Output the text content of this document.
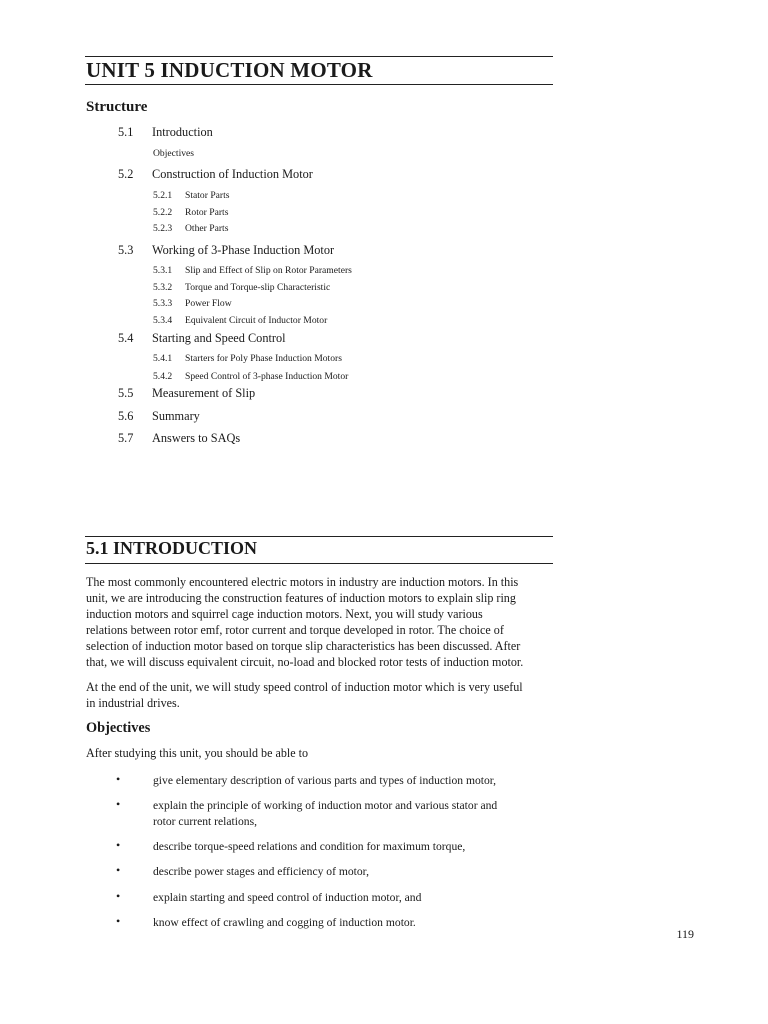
UNIT 5 INDUCTION MOTOR
Structure
5.1 Introduction
Objectives
5.2 Construction of Induction Motor
5.2.1 Stator Parts
5.2.2 Rotor Parts
5.2.3 Other Parts
5.3 Working of 3-Phase Induction Motor
5.3.1 Slip and Effect of Slip on Rotor Parameters
5.3.2 Torque and Torque-slip Characteristic
5.3.3 Power Flow
5.3.4 Equivalent Circuit of Inductor Motor
5.4 Starting and Speed Control
5.4.1 Starters for Poly Phase Induction Motors
5.4.2 Speed Control of 3-phase Induction Motor
5.5 Measurement of Slip
5.6 Summary
5.7 Answers to SAQs
5.1 INTRODUCTION
The most commonly encountered electric motors in industry are induction motors. In this
unit, we are introducing the construction features of induction motors to explain slip ring
induction motors and squirrel cage induction motors. Next, you will study various
relations between rotor emf, rotor current and torque developed in rotor. The choice of
selection of induction motor based on torque slip characteristics has been discussed. After
that, we will discuss equivalent circuit, no-load and blocked rotor tests of induction motor.
At the end of the unit, we will study speed control of induction motor which is very useful
in industrial drives.
Objectives
After studying this unit, you should be able to
•	give elementary description of various parts and types of induction motor,
•	explain the principle of working of induction motor and various stator and
rotor current relations,
•	describe torque-speed relations and condition for maximum torque,
•	describe power stages and efficiency of motor,
•	explain starting and speed control of induction motor, and
•	know effect of crawling and cogging of induction motor.
119
